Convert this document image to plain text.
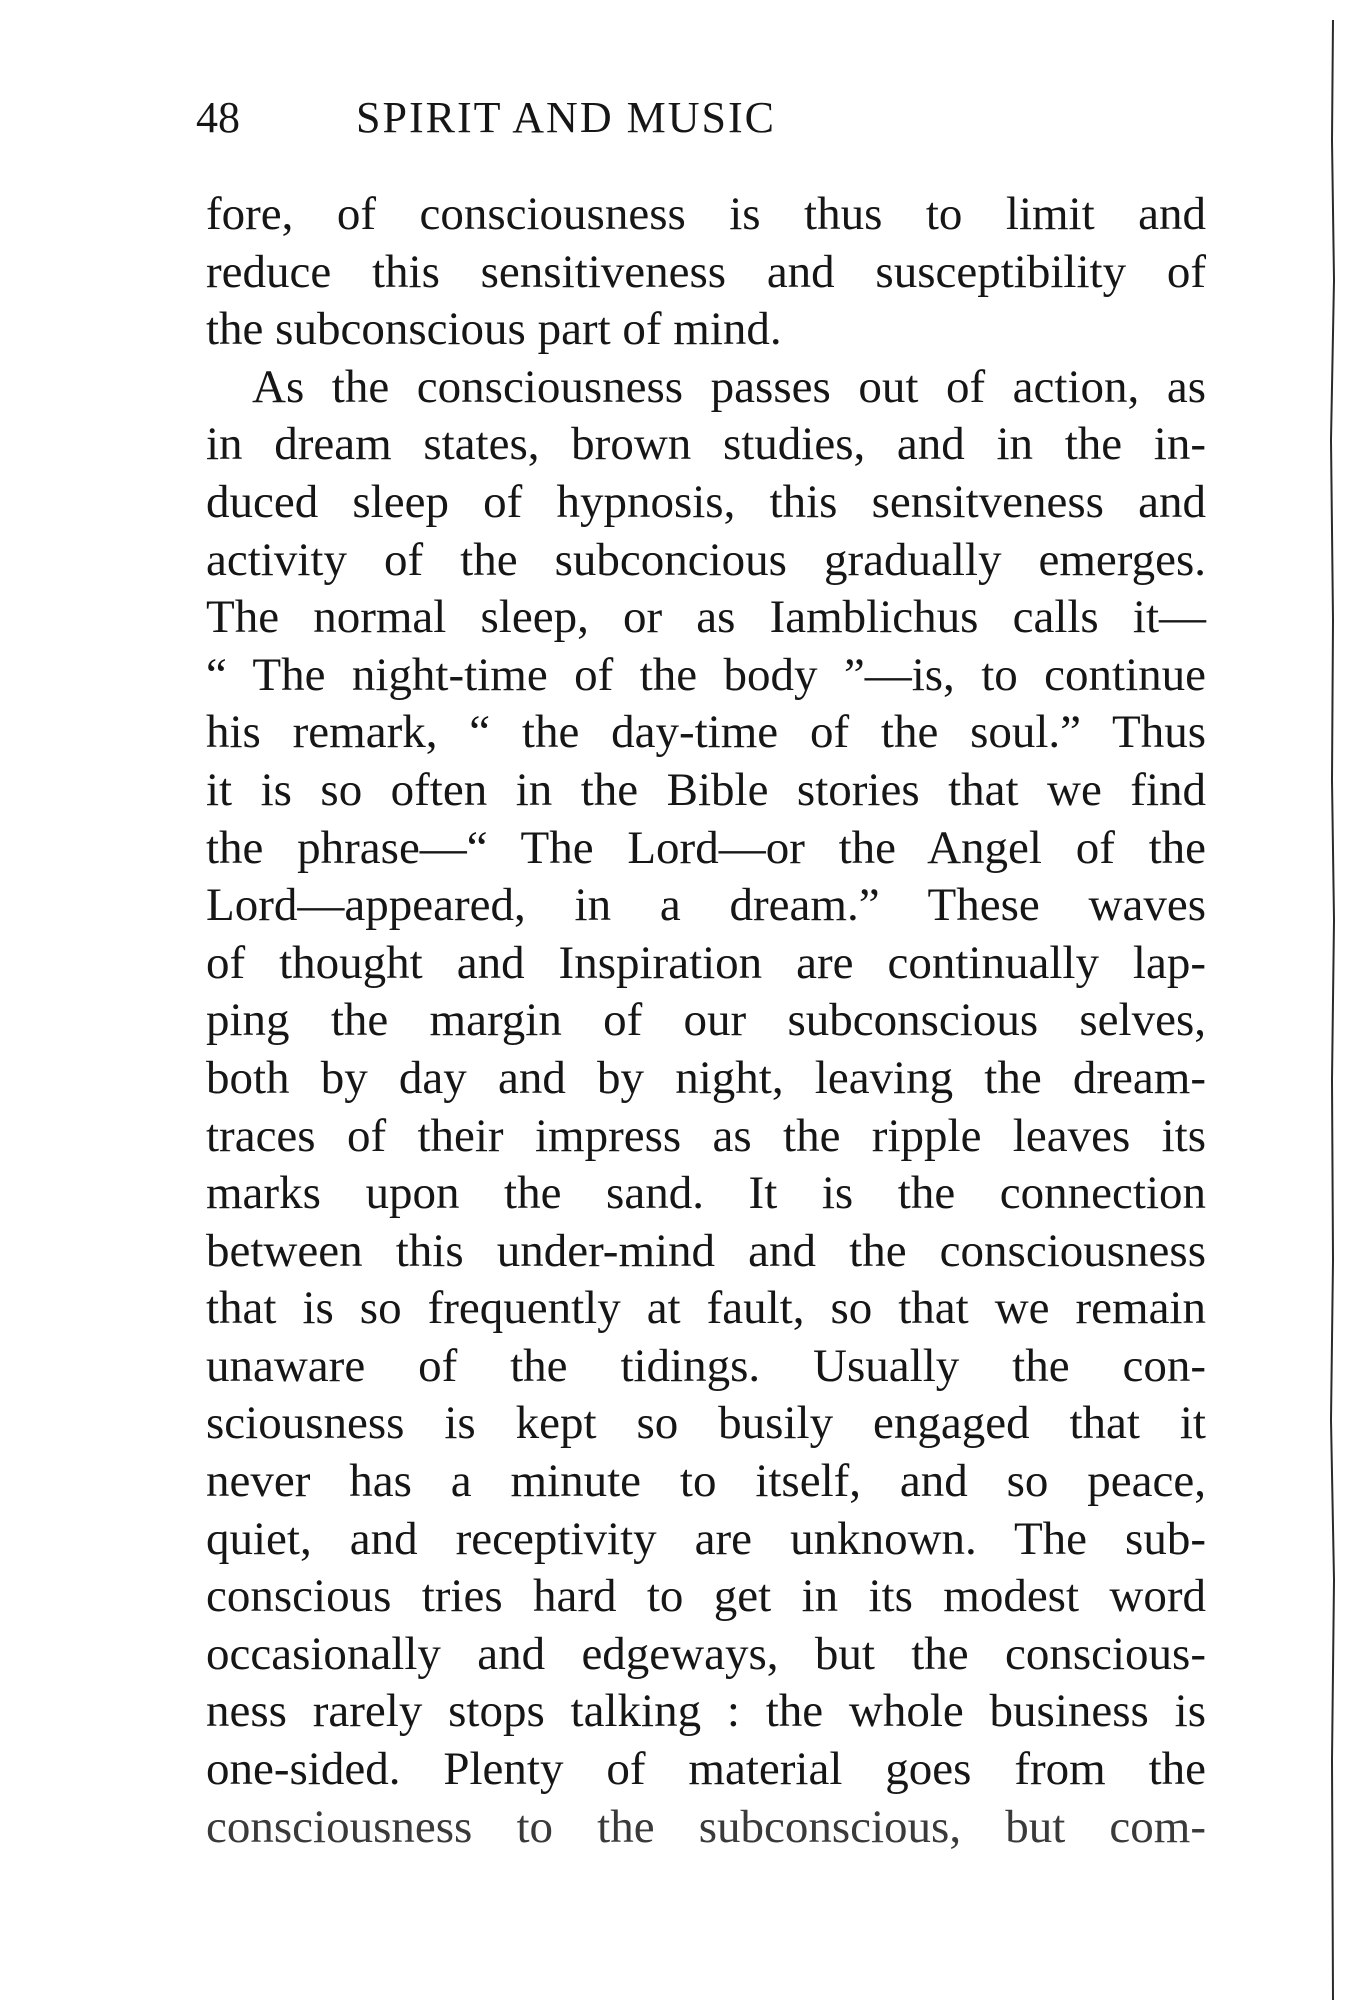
48	SPIRIT AND MUSIC
fore, of consciousness is thus to limit and
reduce this sensitiveness and susceptibility of
the subconscious part of mind.
As the consciousness passes out of action, as
in dream states, brown studies, and in the in-
duced sleep of hypnosis, this sensitveness and
activity of the subconcious gradually emerges.
The normal sleep, or as Iamblichus calls it—
“ The night-time of the body ”—is, to continue
his remark, “ the day-time of the soul.” Thus
it is so often in the Bible stories that we find
the phrase—“ The Lord—or the Angel of the
Lord—appeared, in a dream.” These waves
of thought and Inspiration are continually lap-
ping the margin of our subconscious selves,
both by day and by night, leaving the dream-
traces of their impress as the ripple leaves its
marks upon the sand. It is the connection
between this under-mind and the consciousness
that is so frequently at fault, so that we remain
unaware of the tidings. Usually the con-
sciousness is kept so busily engaged that it
never has a minute to itself, and so peace,
quiet, and receptivity are unknown. The sub-
conscious tries hard to get in its modest word
occasionally and edgeways, but the conscious-
ness rarely stops talking : the whole business is
one-sided. Plenty of material goes from the
consciousness to the subconscious, but com-
